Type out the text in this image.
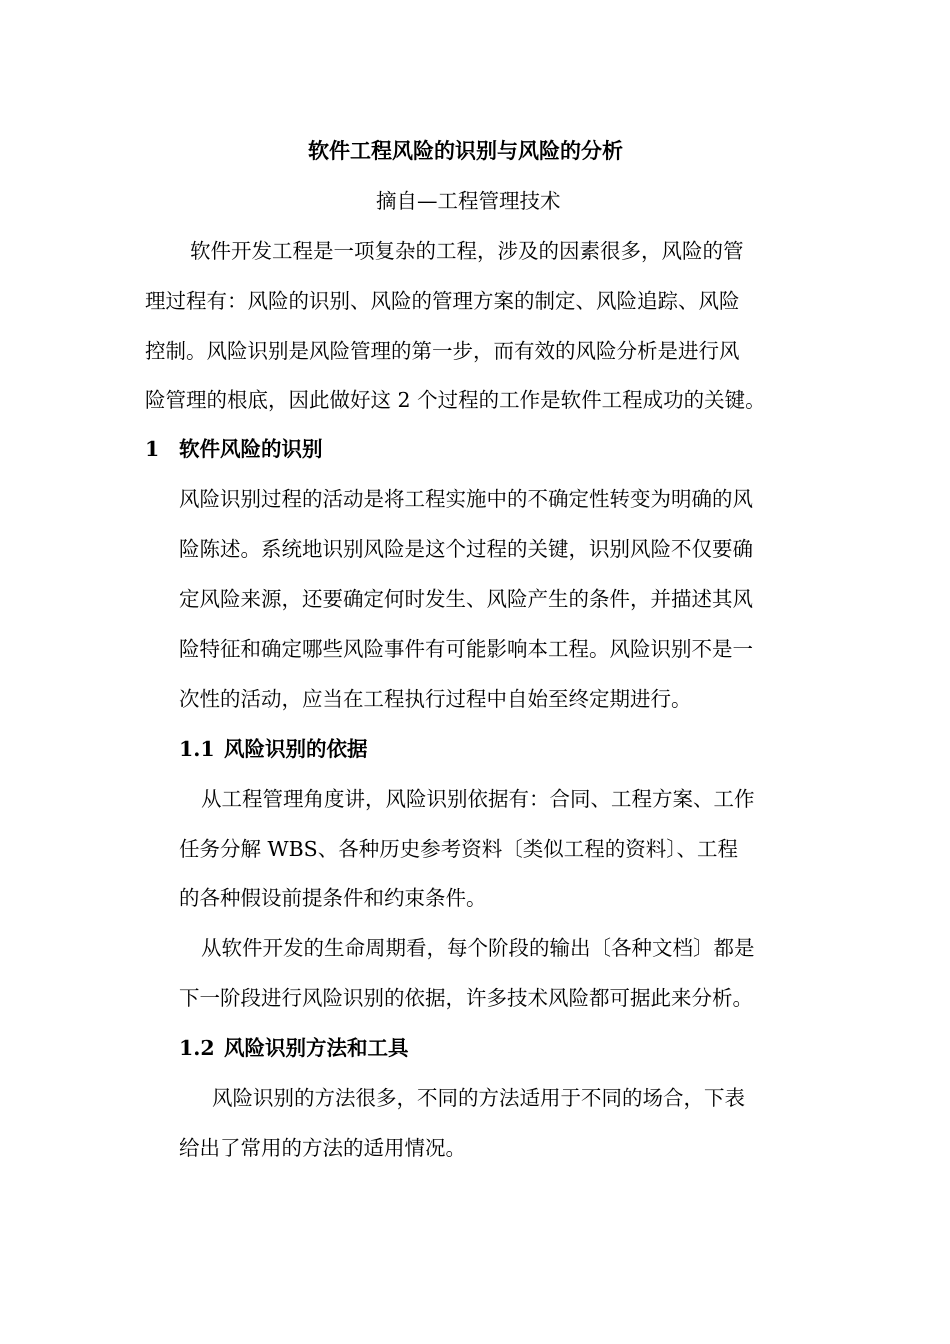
软件工程风险的识别与风险的分析
摘自—工程管理技术
软件开发工程是一项复杂的工程，涉及的因素很多，风险的管
理过程有：风险的识别、风险的管理方案的制定、风险追踪、风险
控制。风险识别是风险管理的第一步，而有效的风险分析是进行风
险管理的根底，因此做好这 2 个过程的工作是软件工程成功的关键。
1 软件风险的识别
风险识别过程的活动是将工程实施中的不确定性转变为明确的风
险陈述。系统地识别风险是这个过程的关键，识别风险不仅要确
定风险来源，还要确定何时发生、风险产生的条件，并描述其风
险特征和确定哪些风险事件有可能影响本工程。风险识别不是一
次性的活动，应当在工程执行过程中自始至终定期进行。
1.1 风险识别的依据
从工程管理角度讲，风险识别依据有：合同、工程方案、工作
任务分解 WBS、各种历史参考资料〔类似工程的资料〕、工程
的各种假设前提条件和约束条件。
从软件开发的生命周期看，每个阶段的输出〔各种文档〕都是
下一阶段进行风险识别的依据，许多技术风险都可据此来分析。
1.2 风险识别方法和工具
风险识别的方法很多，不同的方法适用于不同的场合，下表
给出了常用的方法的适用情况。
